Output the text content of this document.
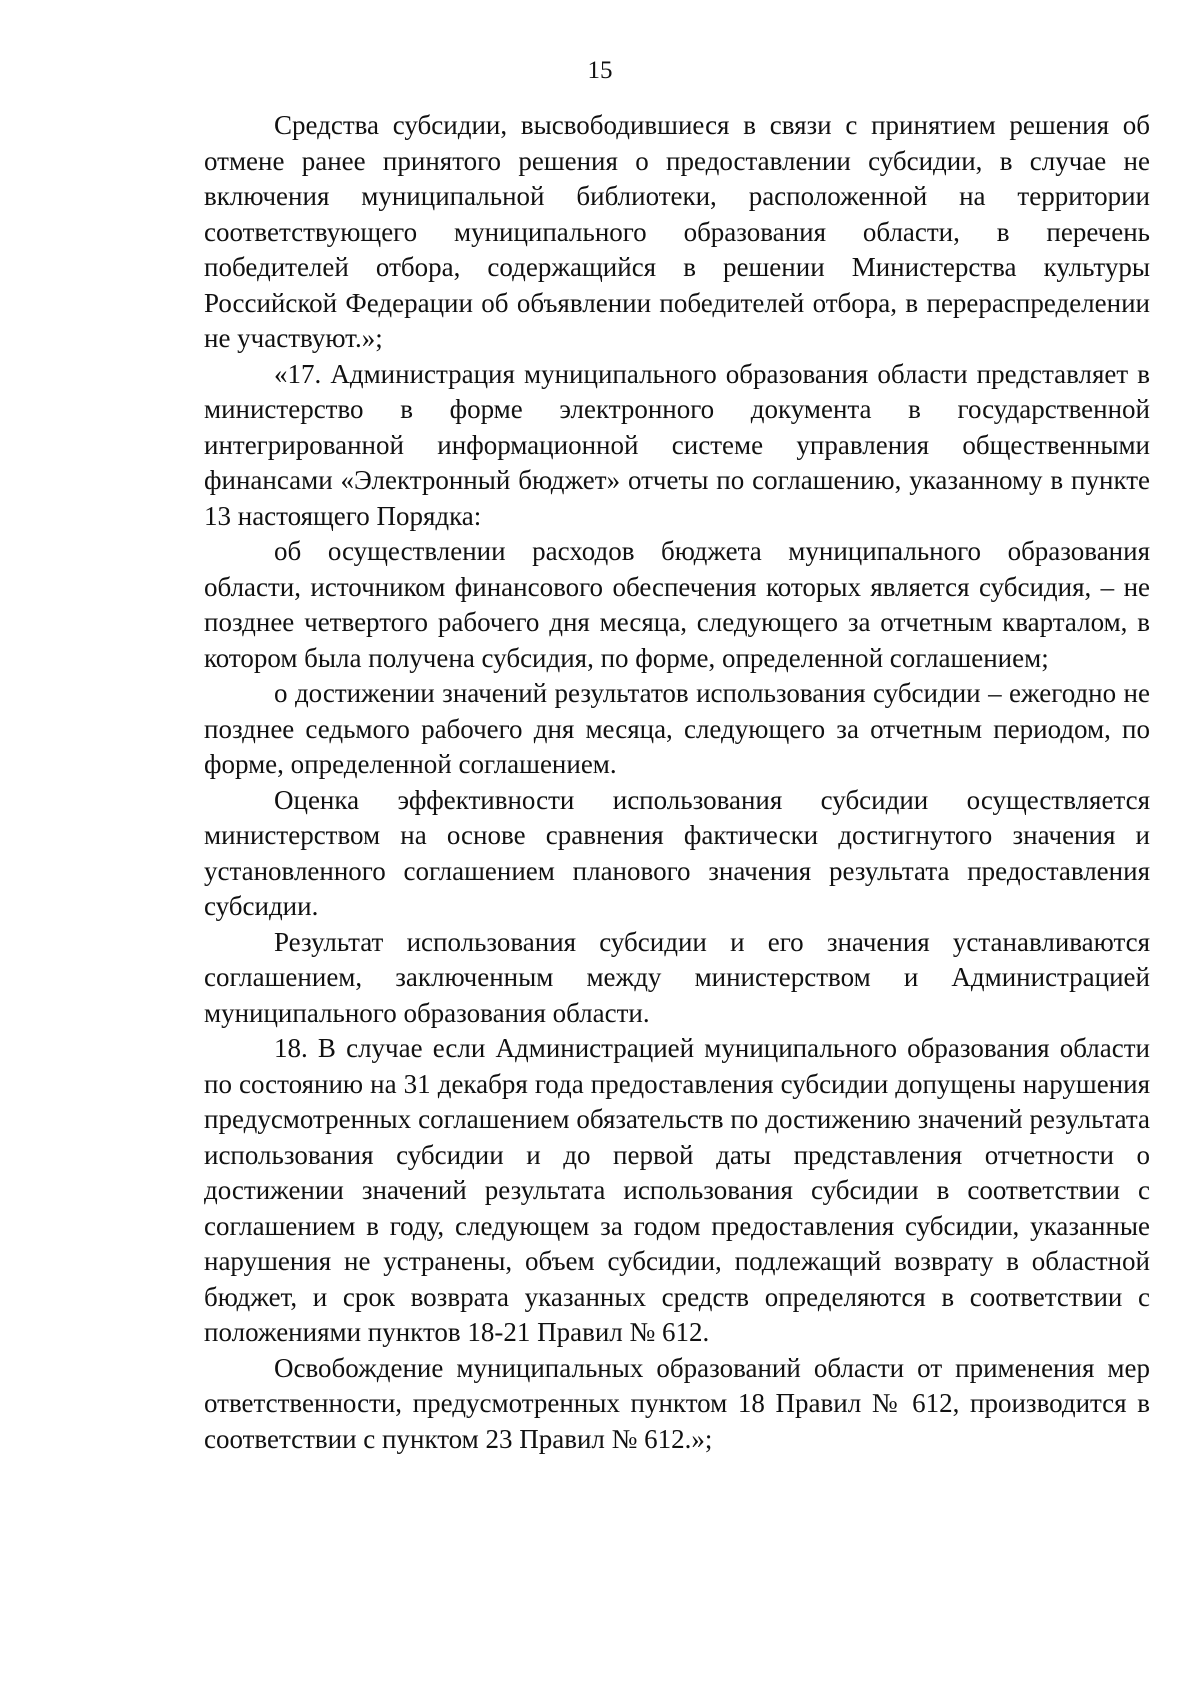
15

Средства субсидии, высвободившиеся в связи с принятием решения об отмене ранее принятого решения о предоставлении субсидии, в случае не включения муниципальной библиотеки, расположенной на территории соответствующего муниципального образования области, в перечень победителей отбора, содержащийся в решении Министерства культуры Российской Федерации об объявлении победителей отбора, в перераспределении не участвуют.»;

«17. Администрация муниципального образования области представляет в министерство в форме электронного документа в государственной интегрированной информационной системе управления общественными финансами «Электронный бюджет» отчеты по соглашению, указанному в пункте 13 настоящего Порядка:

об осуществлении расходов бюджета муниципального образования области, источником финансового обеспечения которых является субсидия, – не позднее четвертого рабочего дня месяца, следующего за отчетным кварталом, в котором была получена субсидия, по форме, определенной соглашением;

о достижении значений результатов использования субсидии – ежегодно не позднее седьмого рабочего дня месяца, следующего за отчетным периодом, по форме, определенной соглашением.

Оценка эффективности использования субсидии осуществляется министерством на основе сравнения фактически достигнутого значения и установленного соглашением планового значения результата предоставления субсидии.

Результат использования субсидии и его значения устанавливаются соглашением, заключенным между министерством и Администрацией муниципального образования области.

18. В случае если Администрацией муниципального образования области по состоянию на 31 декабря года предоставления субсидии допущены нарушения предусмотренных соглашением обязательств по достижению значений результата использования субсидии и до первой даты представления отчетности о достижении значений результата использования субсидии в соответствии с соглашением в году, следующем за годом предоставления субсидии, указанные нарушения не устранены, объем субсидии, подлежащий возврату в областной бюджет, и срок возврата указанных средств определяются в соответствии с положениями пунктов 18-21 Правил № 612.

Освобождение муниципальных образований области от применения мер ответственности, предусмотренных пунктом 18 Правил № 612, производится в соответствии с пунктом 23 Правил № 612.»;
